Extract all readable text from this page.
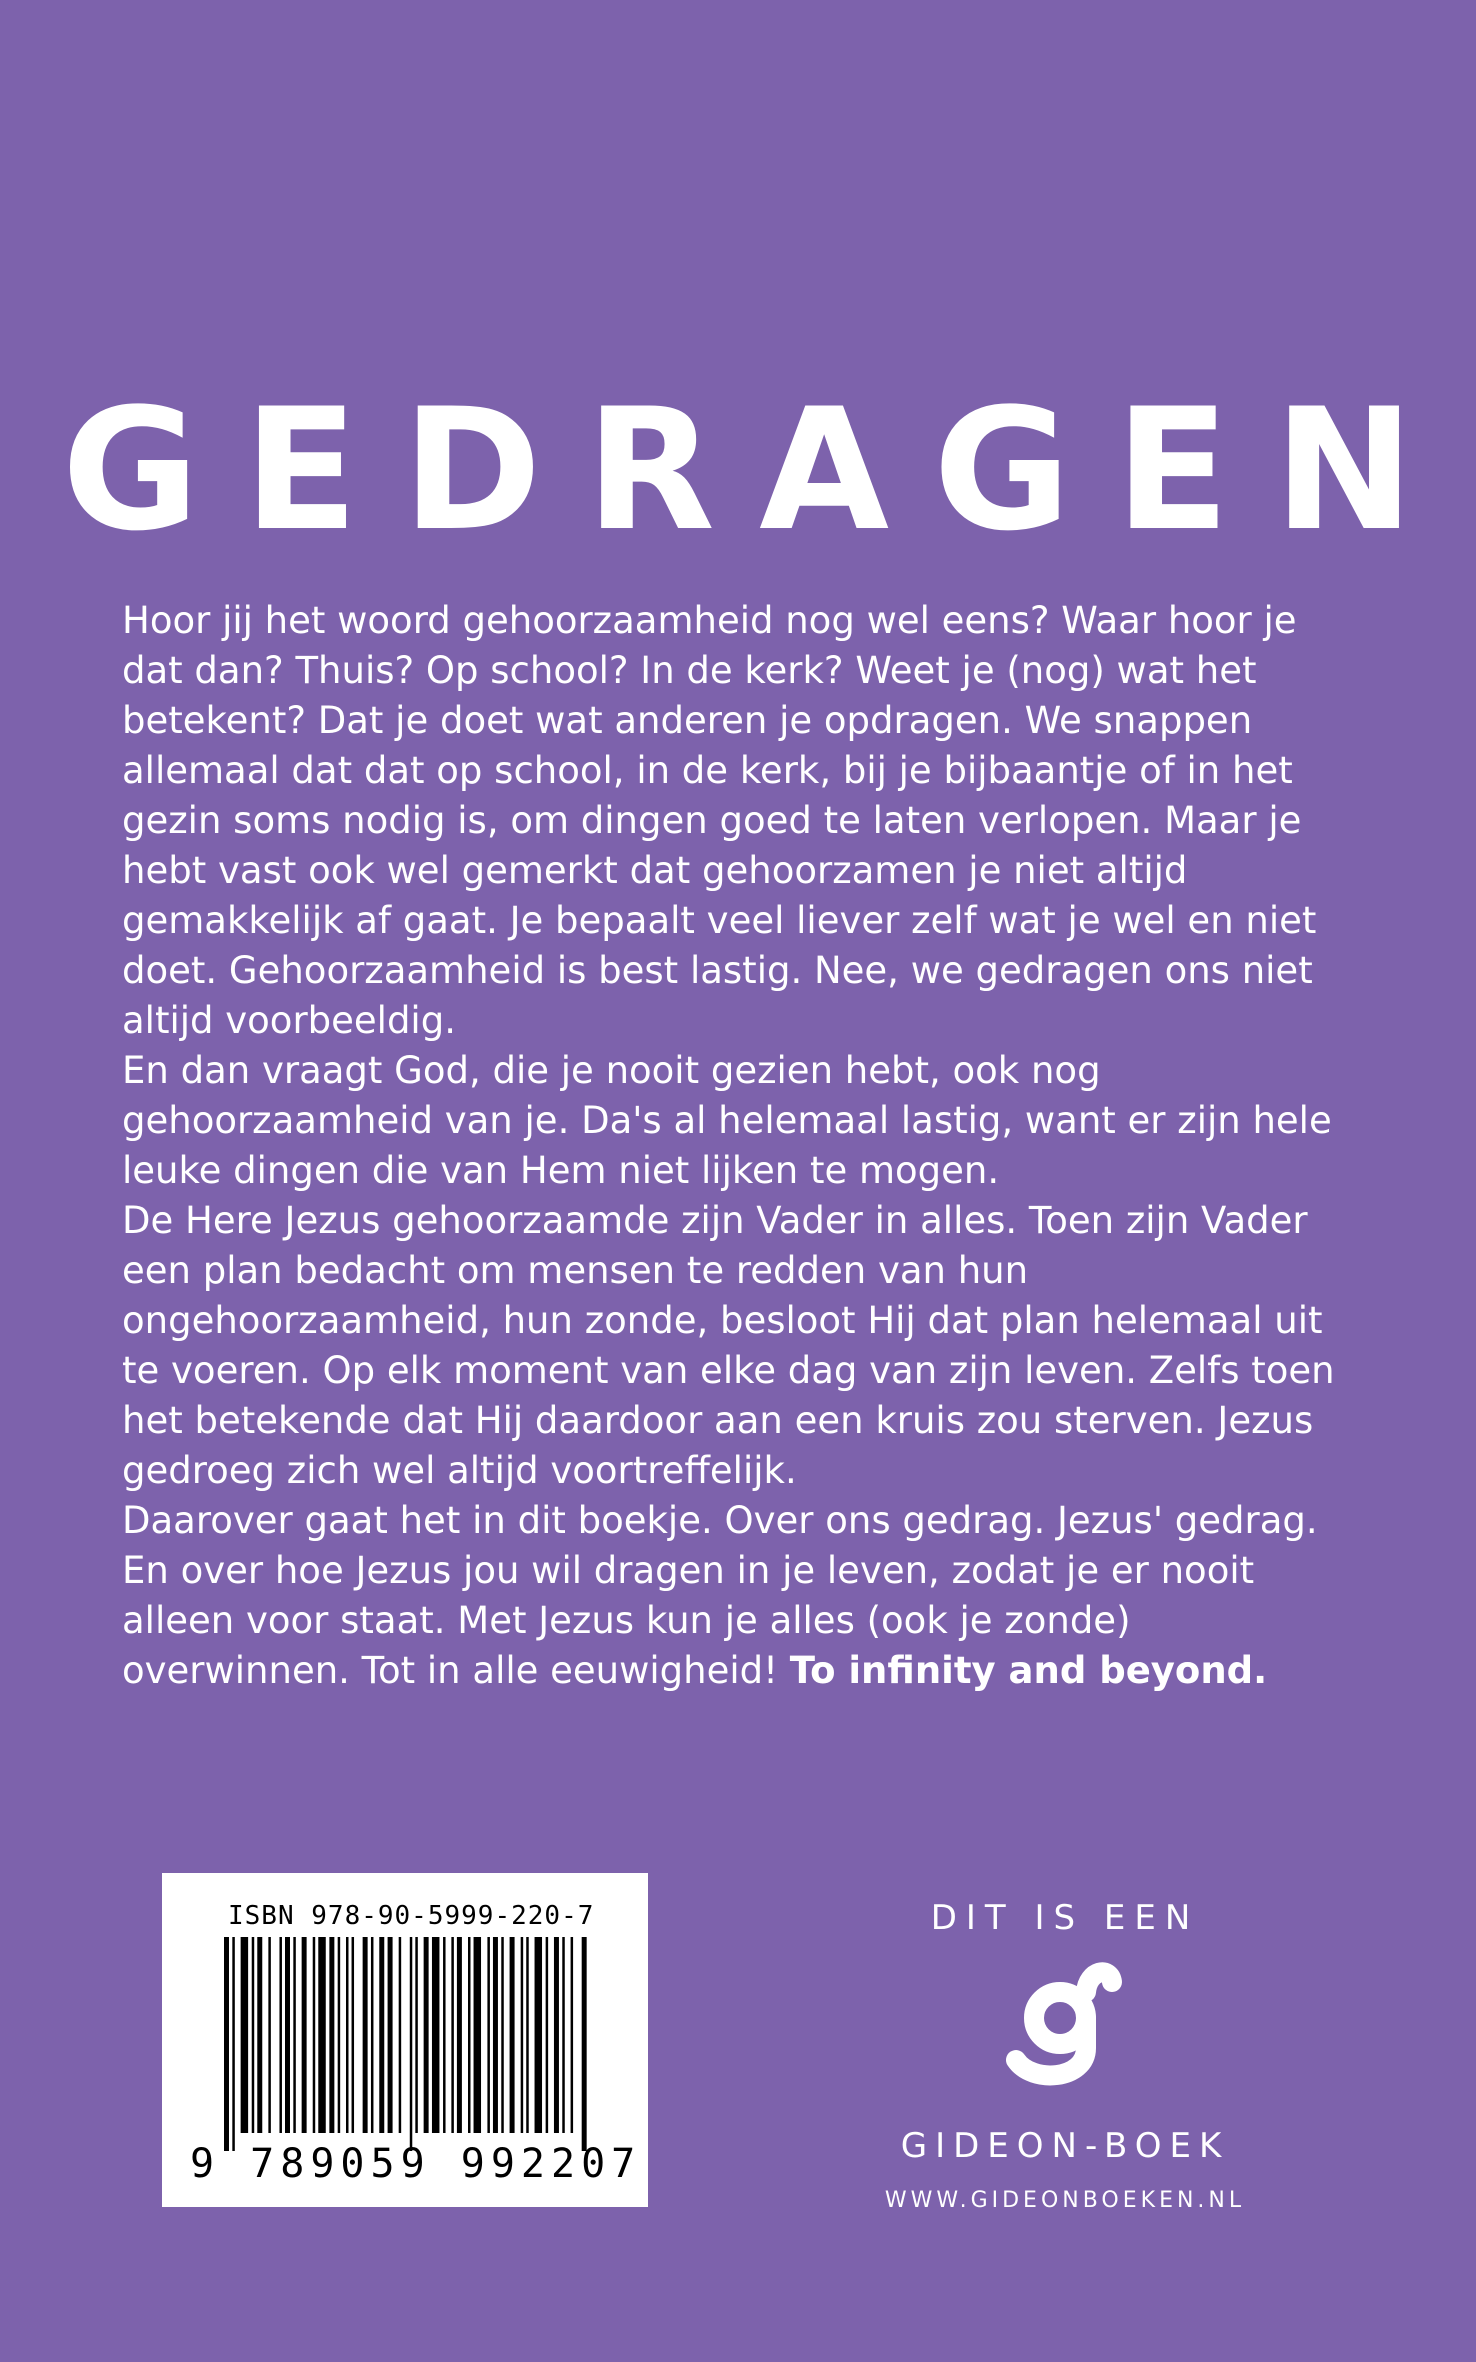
GEDRAGEN

Hoor jij het woord gehoorzaamheid nog wel eens? Waar hoor je dat dan? Thuis? Op school? In de kerk? Weet je (nog) wat het betekent? Dat je doet wat anderen je opdragen. We snappen allemaal dat dat op school, in de kerk, bij je bijbaantje of in het gezin soms nodig is, om dingen goed te laten verlopen. Maar je hebt vast ook wel gemerkt dat gehoorzamen je niet altijd gemakkelijk af gaat. Je bepaalt veel liever zelf wat je wel en niet doet. Gehoorzaamheid is best lastig. Nee, we gedragen ons niet altijd voorbeeldig.

En dan vraagt God, die je nooit gezien hebt, ook nog gehoorzaamheid van je. Da's al helemaal lastig, want er zijn hele leuke dingen die van Hem niet lijken te mogen.

De Here Jezus gehoorzaamde zijn Vader in alles. Toen zijn Vader een plan bedacht om mensen te redden van hun ongehoorzaamheid, hun zonde, besloot Hij dat plan helemaal uit te voeren. Op elk moment van elke dag van zijn leven. Zelfs toen het betekende dat Hij daardoor aan een kruis zou sterven. Jezus gedroeg zich wel altijd voortreffelijk.

Daarover gaat het in dit boekje. Over ons gedrag. Jezus' gedrag. En over hoe Jezus jou wil dragen in je leven, zodat je er nooit alleen voor staat. Met Jezus kun je alles (ook je zonde) overwinnen. Tot in alle eeuwigheid! To infinity and beyond.

ISBN 978-90-5999-220-7
9 789059 992207
DIT IS EEN
GIDEON-BOEK
WWW.GIDEONBOEKEN.NL
